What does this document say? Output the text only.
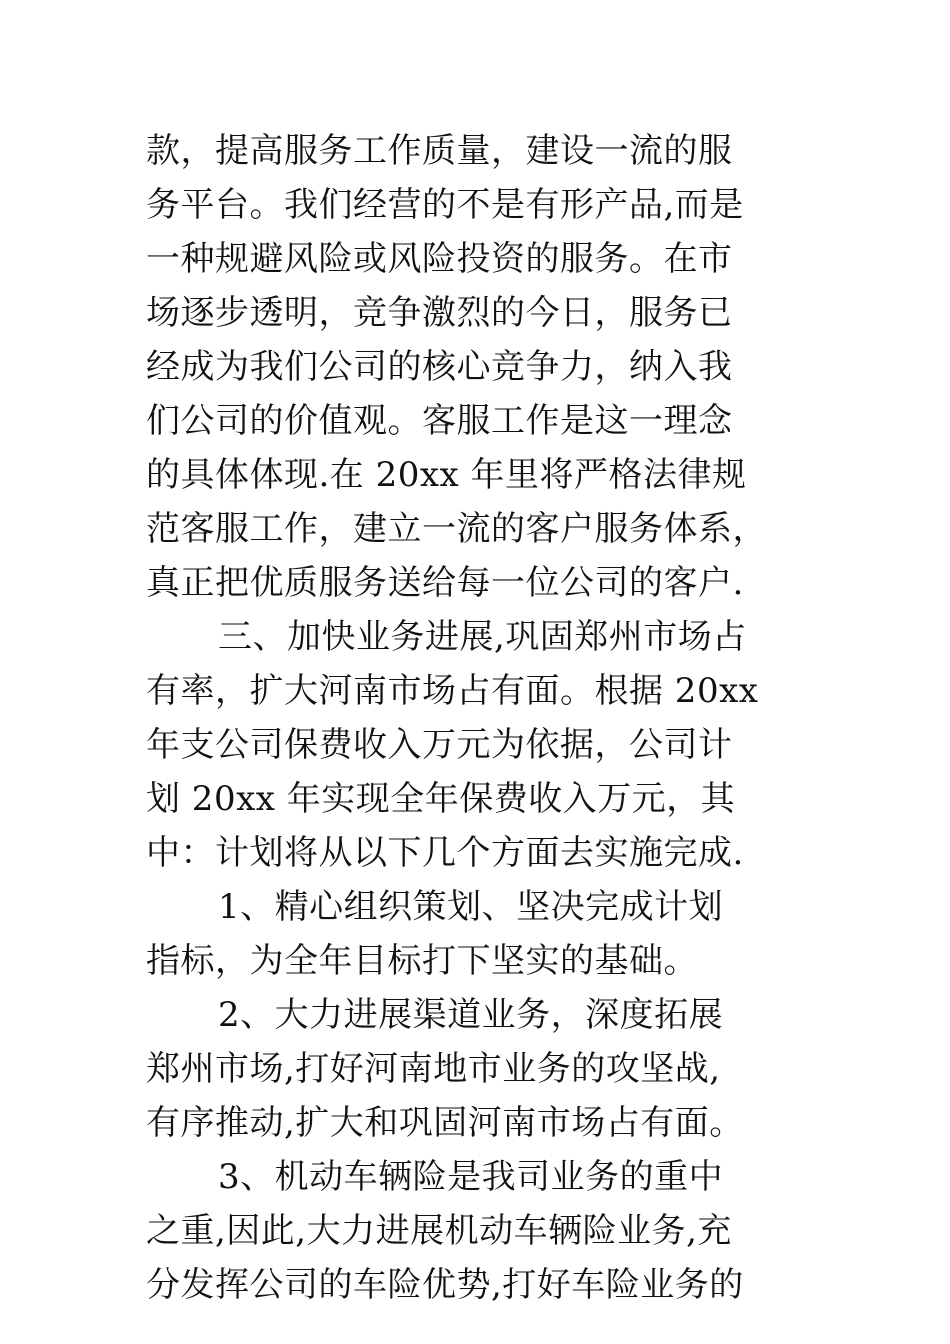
款，提高服务工作质量，建设一流的服
务平台。我们经营的不是有形产品,而是
一种规避风险或风险投资的服务。在市
场逐步透明，竞争激烈的今日，服务已
经成为我们公司的核心竞争力，纳入我
们公司的价值观。客服工作是这一理念
的具体体现.在 20xx 年里将严格法律规
范客服工作，建立一流的客户服务体系，
真正把优质服务送给每一位公司的客户.
三、加快业务进展,巩固郑州市场占
有率，扩大河南市场占有面。根据 20xx
年支公司保费收入万元为依据，公司计
划 20xx 年实现全年保费收入万元，其
中：计划将从以下几个方面去实施完成.
1、精心组织策划、坚决完成计划
指标，为全年目标打下坚实的基础。
2、大力进展渠道业务，深度拓展
郑州市场,打好河南地市业务的攻坚战,
有序推动,扩大和巩固河南市场占有面。
3、机动车辆险是我司业务的重中
之重,因此,大力进展机动车辆险业务,充
分发挥公司的车险优势,打好车险业务的
